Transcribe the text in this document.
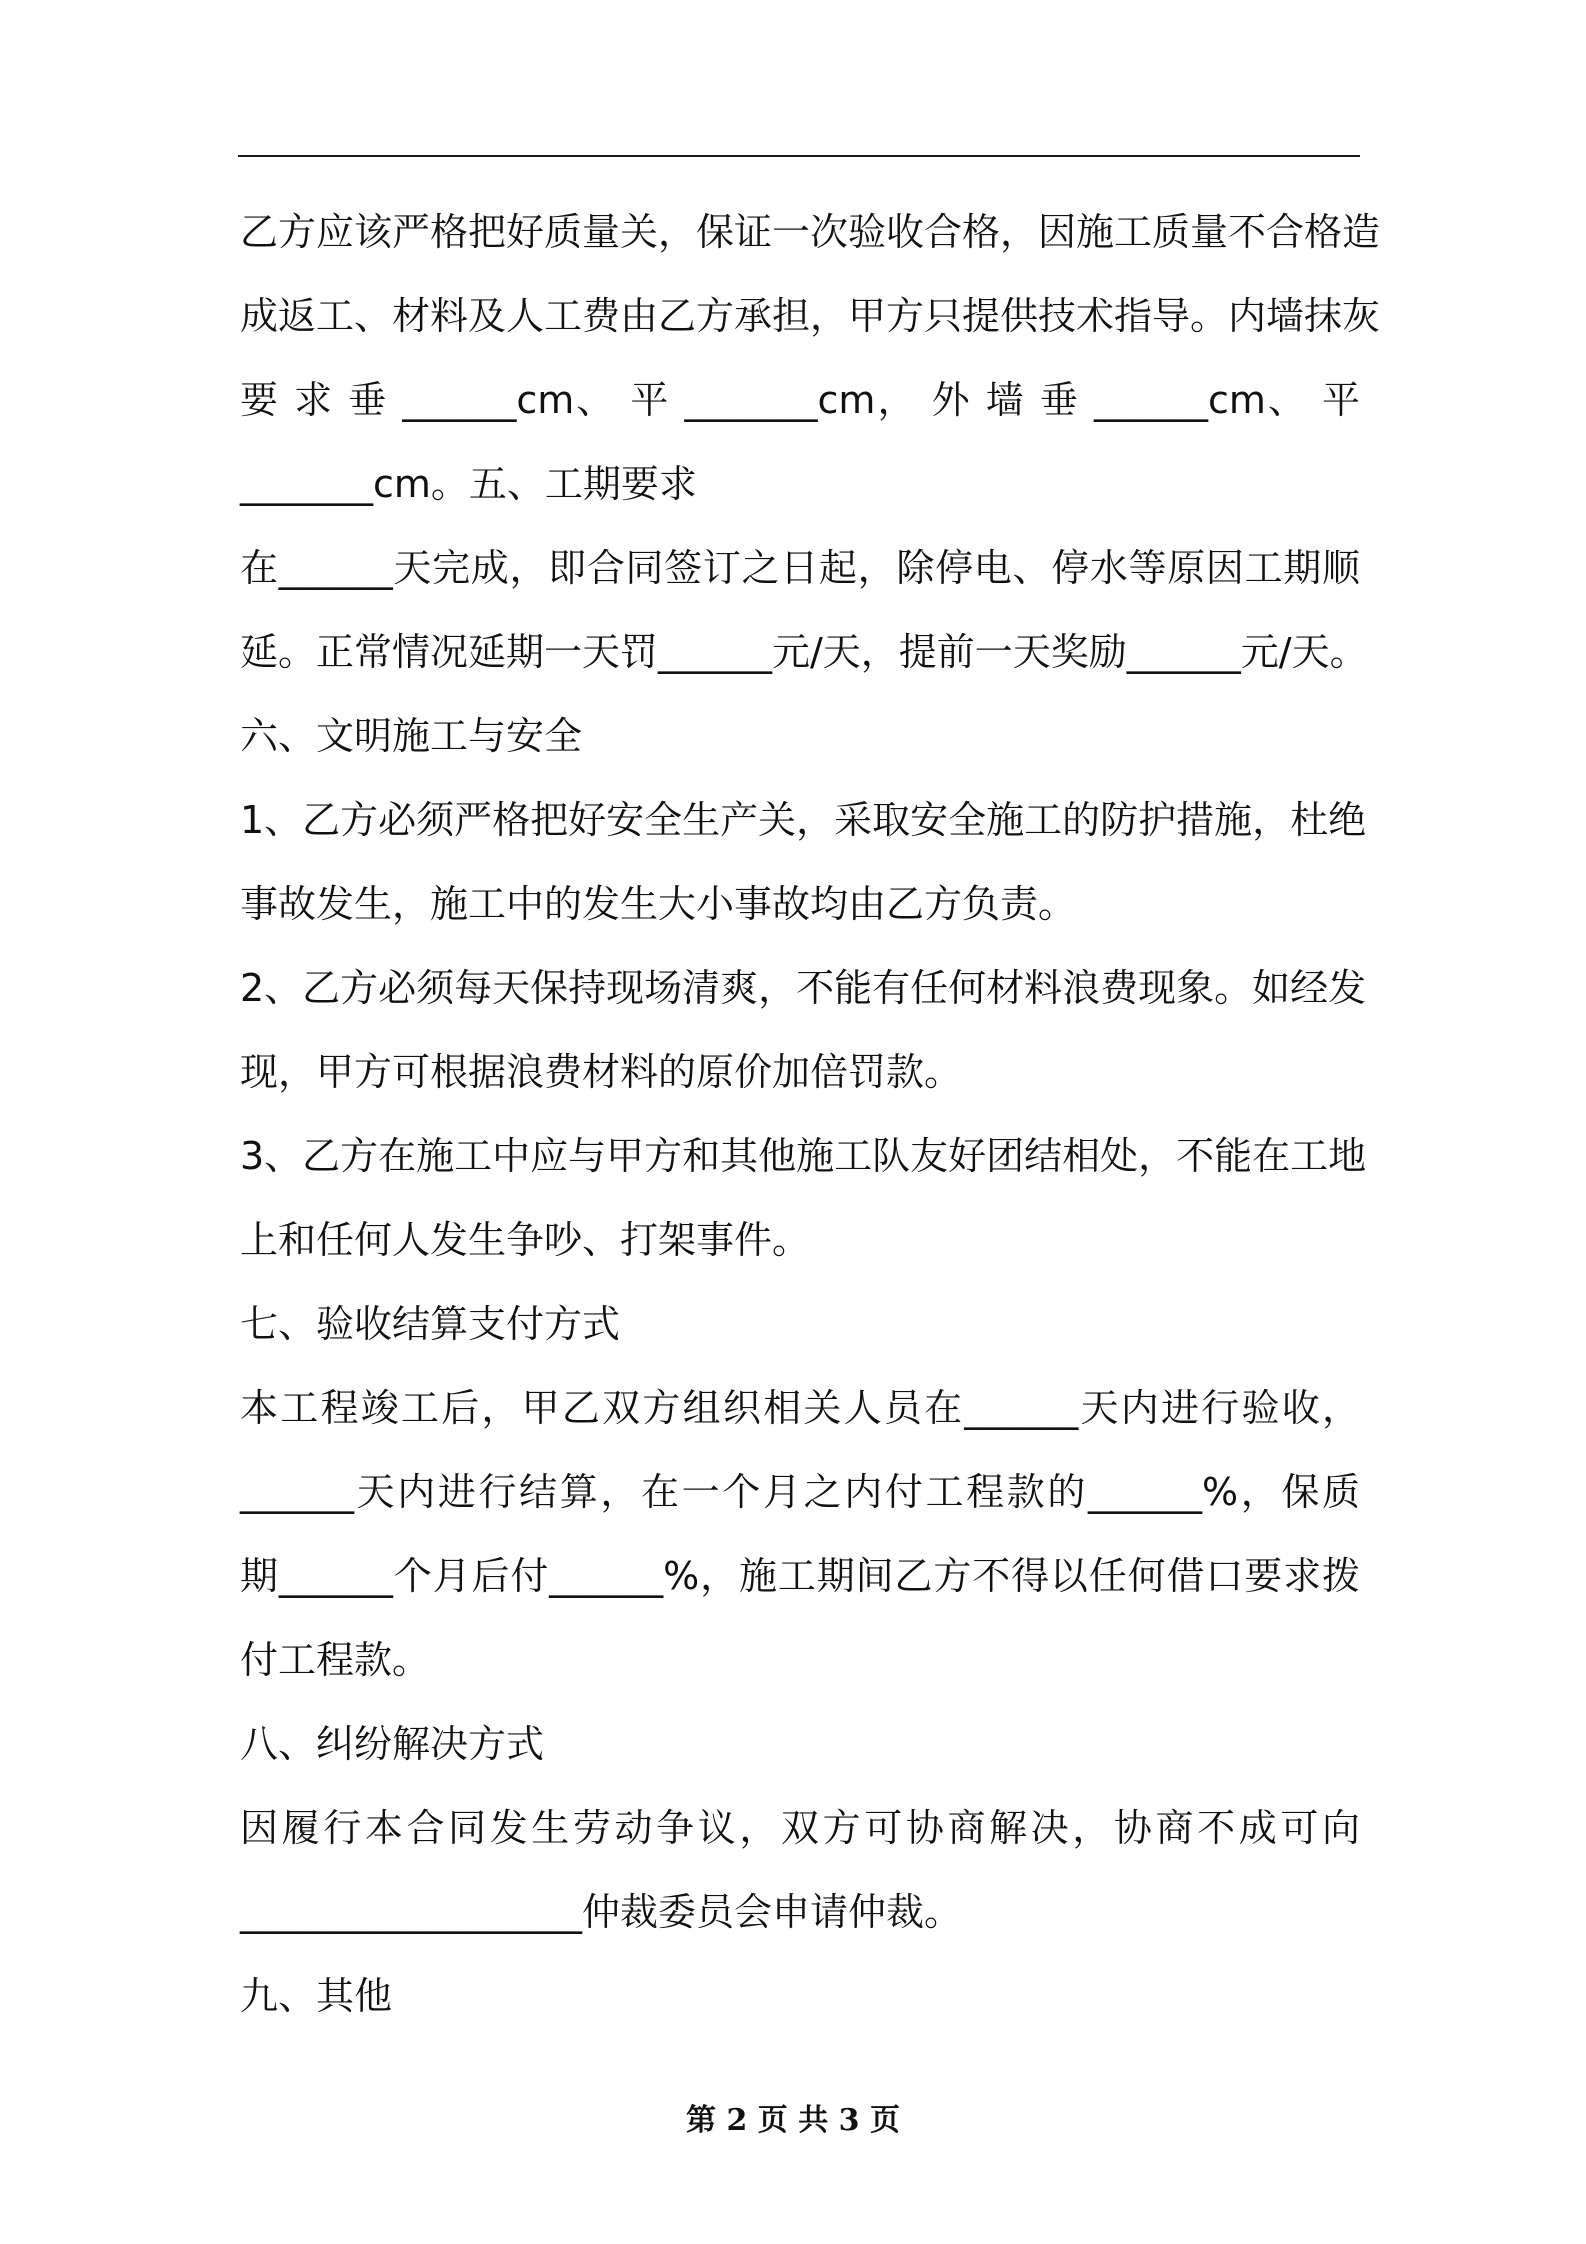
乙方应该严格把好质量关，保证一次验收合格，因施工质量不合格造
成返工、材料及人工费由乙方承担，甲方只提供技术指导。内墙抹灰
要 求 垂 ______cm、 平 _______cm， 外 墙 垂 ______cm、 平
_______cm。五、工期要求
在______天完成，即合同签订之日起，除停电、停水等原因工期顺
延。正常情况延期一天罚______元/天，提前一天奖励______元/天。
六、文明施工与安全
1、乙方必须严格把好安全生产关，采取安全施工的防护措施，杜绝
事故发生，施工中的发生大小事故均由乙方负责。
2、乙方必须每天保持现场清爽，不能有任何材料浪费现象。如经发
现，甲方可根据浪费材料的原价加倍罚款。
3、乙方在施工中应与甲方和其他施工队友好团结相处，不能在工地
上和任何人发生争吵、打架事件。
七、验收结算支付方式
本工程竣工后，甲乙双方组织相关人员在______天内进行验收，
______天内进行结算，在一个月之内付工程款的______%，保质
期______个月后付______%，施工期间乙方不得以任何借口要求拨
付工程款。
八、纠纷解决方式
因履行本合同发生劳动争议，双方可协商解决，协商不成可向
__________________仲裁委员会申请仲裁。
九、其他
第 2 页 共 3 页
